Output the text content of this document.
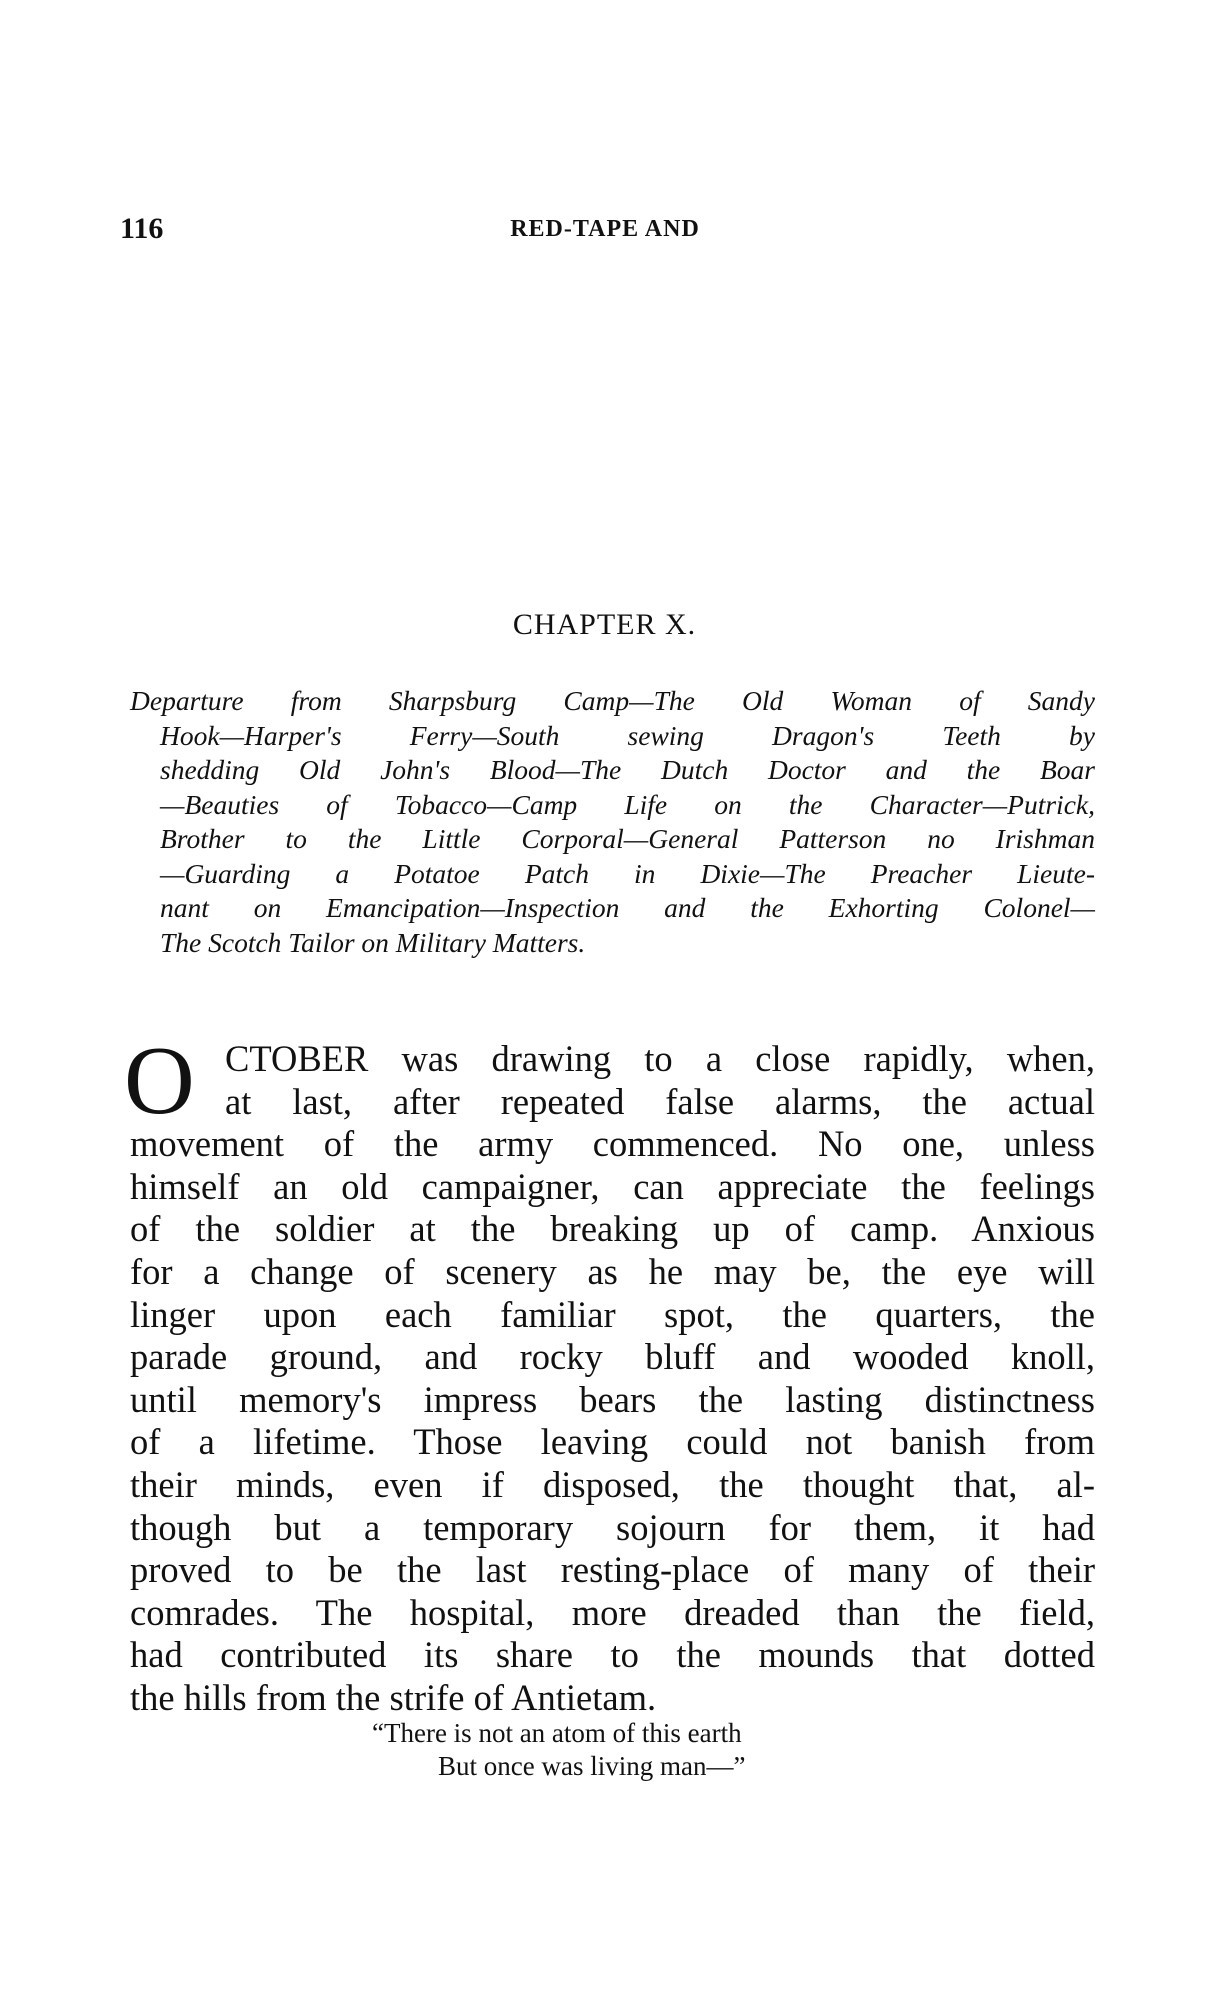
116	RED-TAPE AND
CHAPTER X.
Departure from Sharpsburg Camp—The Old Woman of Sandy
Hook—Harper's Ferry—South sewing Dragon's Teeth by
shedding Old John's Blood—The Dutch Doctor and the Boar
—Beauties of Tobacco—Camp Life on the Character—Putrick,
Brother to the Little Corporal—General Patterson no Irishman
—Guarding a Potatoe Patch in Dixie—The Preacher Lieute-
nant on Emancipation—Inspection and the Exhorting Colonel—
The Scotch Tailor on Military Matters.
O CTOBER was drawing to a close rapidly, when,
at last, after repeated false alarms, the actual
movement of the army commenced. No one, unless
himself an old campaigner, can appreciate the feelings
of the soldier at the breaking up of camp. Anxious
for a change of scenery as he may be, the eye will
linger upon each familiar spot, the quarters, the
parade ground, and rocky bluff and wooded knoll,
until memory's impress bears the lasting distinctness
of a lifetime. Those leaving could not banish from
their minds, even if disposed, the thought that, al-
though but a temporary sojourn for them, it had
proved to be the last resting-place of many of their
comrades. The hospital, more dreaded than the field,
had contributed its share to the mounds that dotted
the hills from the strife of Antietam.
“There is not an atom of this earth
But once was living man—”
